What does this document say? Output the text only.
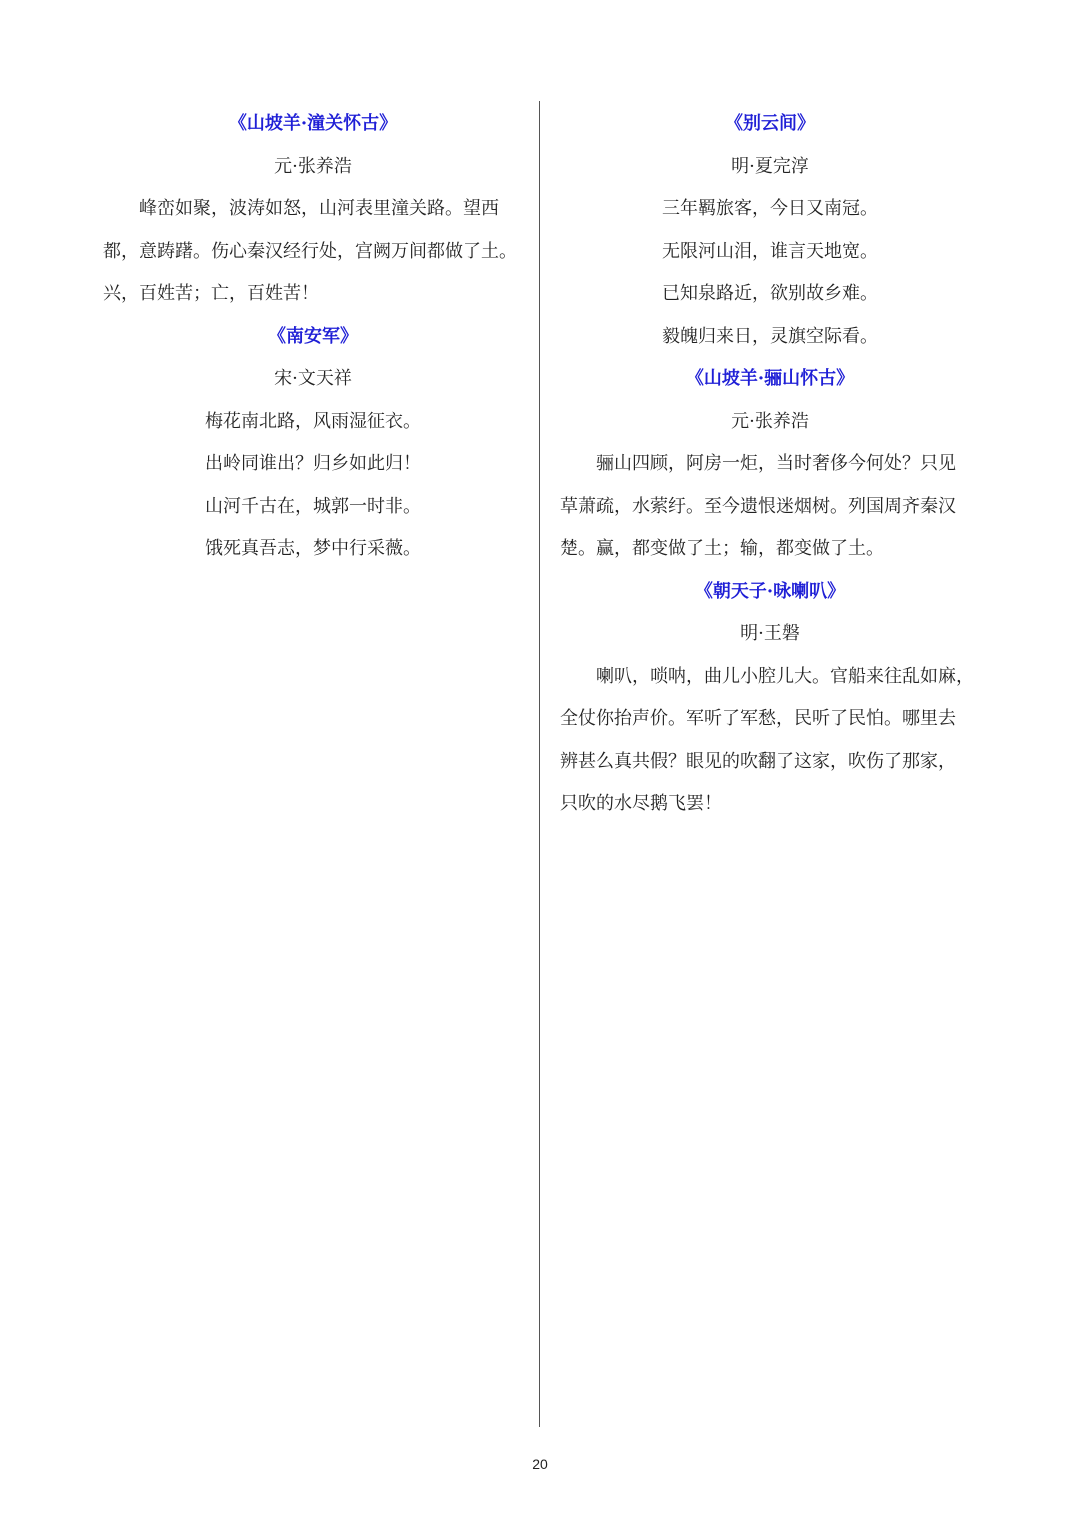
《山坡羊·潼关怀古》
元·张养浩
峰峦如聚，波涛如怒，山河表里潼关路。望西
都，意踌躇。伤心秦汉经行处，宫阙万间都做了土。
兴，百姓苦；亡，百姓苦！
《南安军》
宋·文天祥
梅花南北路，风雨湿征衣。
出岭同谁出？归乡如此归！
山河千古在，城郭一时非。
饿死真吾志，梦中行采薇。
《别云间》
明·夏完淳
三年羁旅客，今日又南冠。
无限河山泪，谁言天地宽。
已知泉路近，欲别故乡难。
毅魄归来日，灵旗空际看。
《山坡羊·骊山怀古》
元·张养浩
骊山四顾，阿房一炬，当时奢侈今何处？只见
草萧疏，水萦纡。至今遗恨迷烟树。列国周齐秦汉
楚。赢，都变做了土；输，都变做了土。
《朝天子·咏喇叭》
明·王磐
喇叭，唢呐，曲儿小腔儿大。官船来往乱如麻，
全仗你抬声价。军听了军愁，民听了民怕。哪里去
辨甚么真共假？眼见的吹翻了这家，吹伤了那家，
只吹的水尽鹅飞罢！
20
